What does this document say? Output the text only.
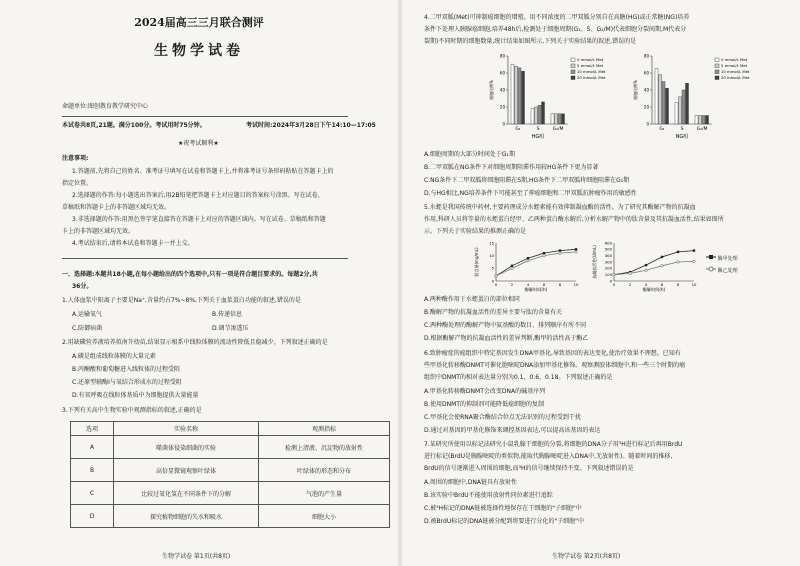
2024届高三三月联合测评
生物学试卷
命题单位:图创教育教学研究中心
本试卷共8页,21题。满分100分。考试用时75分钟。	考试时间:2024年3月28日下午14:10—17:05
★祝考试顺利★
注意事项:
1.答题前,先将自己的姓名、准考证号填写在试卷和答题卡上,并将准考证号条形码粘贴在答题卡上的
指定位置。
2.选择题的作答:每小题选出答案后,用2B铅笔把答题卡上对应题目的答案标号涂黑。写在试卷、
草稿纸和答题卡上的非答题区域均无效。
3.非选择题的作答:用黑色签字笔直接答在答题卡上对应的答题区域内。写在试卷、草稿纸和答题
卡上的非答题区域均无效。
4.考试结束后,请将本试卷和答题卡一并上交。
一、选择题:本题共18小题,在每小题给出的四个选项中,只有一项是符合题目要求的。每题2分,共
36分。
1.人体血浆中阳离子主要是Na⁺,含量约占7%~8%,下列关于血浆蛋白功能的叙述,错误的是
A.运输氧气	B.传递信息
C.防御病菌	D.调节渗透压
2.用缺磷营养液培养拟南芥幼苗,结果显示根系中线粒体膜的流动性降低且稳减少。下列叙述正确的是
A.磷是组成线粒体膜的大量元素
B.丙酮酸和葡萄糖进入线粒体的过程受阻
C.还原型辅酶Ⅰ与氧结合形成水的过程受阻
D.有氧呼吸在线粒体基质中为细胞提供大量能量
3.下列有关高中生物实验中观测指标的叙述,正确的是
选项	实验名称	观测指标
A	噬菌体侵染细菌的实验	检测上清液、沉淀物的放射性
B	高倍显微镜观察叶绿体	叶绿体的形态和分布
C	比较过氧化氢在不同条件下的分解	气泡的产生量
D	探究植物细胞的失水和吸水	细胞大小
生物学试卷 第1页(共8页)
4.二甲双胍(Met)可抑制癌细胞的增殖。用不同浓度的二甲双胍分别自在高糖(HG)或正常糖(NG)培养
条件下处理人胰腺癌细胞,培养48h后,检测处于细胞周期(G₁、S、G₂/M)代表细胞分裂间期,M代表分
裂期)不同时期的细胞数量,统计结果如图所示,下列关于实验结果的叙述,错误的是
细胞比例%
0
20
40
60
80
G₁	S	G₂/M
HG组
0 mmol/L Met
5 mmol/L Met
10 mmol/L Met
20 mmol/L Met
细胞比例%
0
20
40
60
80
G₁	S	G₂/M
NG组
0 mmol/L Met
5 mmol/L Met
10 mmol/L Met
20 mmol/L Met
A.细胞周期的大部分时间处于G₁期
B.二甲双胍在NG条件下对细胞周期阻滞作用较HG条件下更为显著
C.NG条件下二甲双胍将细胞阻滞在S期,HG条件下二甲双胍将细胞阻滞在G₁期
D.与HG相比,NG培养条件下可能甚至了抑癌细胞和二甲双胍抗肿瘤作用的敏感性
5.水蛭是我国传统中药材,主要药理成分水蛭素能有效抑制凝血酶的活性。为了研究其酶解产物的抗凝血
作用,科研人员将等量的水蛭蛋白经甲、乙两种蛋白酶水解后,分析水解产物中的肽含量及其抗凝血活性,结果如图所
示。下列关于实验结果的推测正确的是
肽含量(mg/mL)
0
5
10
15
0	2	4	6	8	10
酶解时间(h)
抗凝血活性(U/mL)
0
100
200
300
400
500
600
0	2	4	6	8	10
酶解时间(h)
酶甲处理
酶乙处理
A.两种酶作用于水蛭蛋白的部位相同
B.酶解产物的抗凝血活性的差异主要与肽的含量有关
C.两种酶处理的酶解产物中氨基酸的数目、排列顺序有所不同
D.根据酶解产物的抗凝血活性的差异判断,酶甲的活性高于酶乙
6.致肿瘤症的癌组织中特定基因发生DNA甲基化,导致基因的表达变化,使治疗效果不理想。已知有
些甲基化转移酶DNMT可催化胞嘧啶DNA添加甲基化修饰。观察测胶体细胞中,和一些三个时期的瘤
组织中DNMT的相对表达量分别为0.1、0.6、0.18。下列叙述正确的是
A.甲基化转移酶DNMT会改变DNA的碱基序列
B.使用DNMT的抑制剂可能降低癌细胞的复制
C.甲基化会使RNA聚合酶结合位点无法识别的过程受到干扰
D.通过对基因的甲基化修饰来调控基因表达,可以提高该基因的表达
7.某研究所使用以标记法研究小鼠乳腺干细胞的分裂,将细胞的DNA分子用³H进行标记后再用BrdU
进行标记(BrdU是胸腺嘧啶的类似物,能取代胸腺嘧啶进入DNA中,无放射性)。随着时间的推移,
BrdU的信号逐渐进入周围的细胞,而³H的信号继续保持不变。下列叙述错误的是
A.周围的细胞中,DNA链具有放射性
B.该实验中BrdU不能使用放射性同位素进行追踪
C.被³H标记的DNA链被选择性地保存在干细胞的"子细胞"中
D.被BrdU标记的DNA链被分配到将要进行分化的"子细胞"中
生物学试卷 第2页(共8页)
